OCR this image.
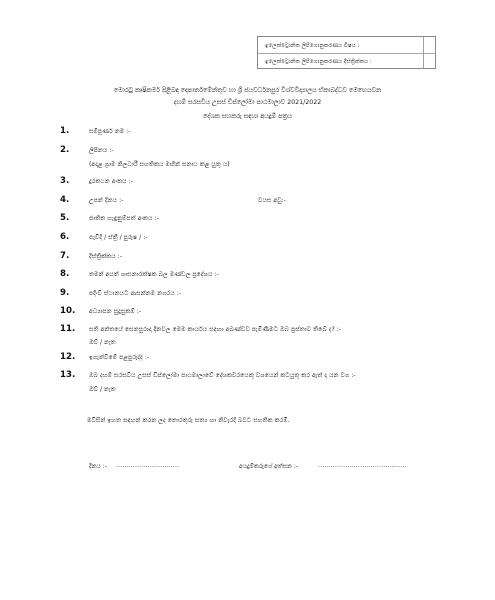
ඉලෙක්ට්‍රොනික ලිපිගොනුකරණය විෂය :
ඉලෙක්ට්‍රොනික ලිපිගොනුකරණය දිස්ත්‍රික්කය :
මොරටු කෘෂිකර්ම පිළිබඳ දෙපාර්තමේන්තුව හා ශ්‍රී ජයවර්ධනපුර විශ්වවිද්‍යාලය ඒකාබද්ධව මෙහෙයවන
දහම් සරසවිය උසස් ඩිප්ලෝමා පාඨමාලාව 2021/2022
දේශක සහකරු සඳහා අයදුම් පත්‍රය
1.	සම්පූර්ණ නම :-
2.	ලිපිනය :-
(අදාළ ග්‍රාම නිලධාරී සහතිකය මඟින් සනාථ කළ යුතු ය)
3.	දුරකථන අංකය :-
4.	උපන් දිනය :-	වයස අවු:-
5.	ජාතික හැඳුනුම්පත් අංකය :-
6.	පැවිදි / ස්ත්‍රී / පුරුෂ / :-
7.	දිස්ත්‍රික්කය :-
8.	තමන් අයත් ශාසනාරක්ෂක බල මණ්ඩල ප්‍රදේශය :-
9.	පදිංචි ස්ථානයට ආසන්නම නගරය :-
10. අධ්‍යාපන සුදුසුකම් :-
11. සති අන්තයේ සෙනසුරාදා දිනවල මෙම කාර්යය සඳහා අඛණ්ඩව පැමිණිමට ඔබ ප්‍රස්තාව තිබේ ද? :-
ඔව් / නැත
12. ඉගැන්වීමේ පළපුරුද්ද :-
13. ඔබ දහම් සරසවිය උසස් ඩිප්ලෝමා පාඨමාලාවේ දේශකවරයෙකු වශයෙන් කටයුතු කර ඇත් ද යන වග :-
ඔව් / නැත
මවිසින් ඉහත සඳහන් කරන ලද තොරතුරු සත්‍ය හා නිවැරදි බවට සහතික කරමි.
දිනය :- ..............................	අයදුම්කරුගේ අත්සන :-	..........................................
